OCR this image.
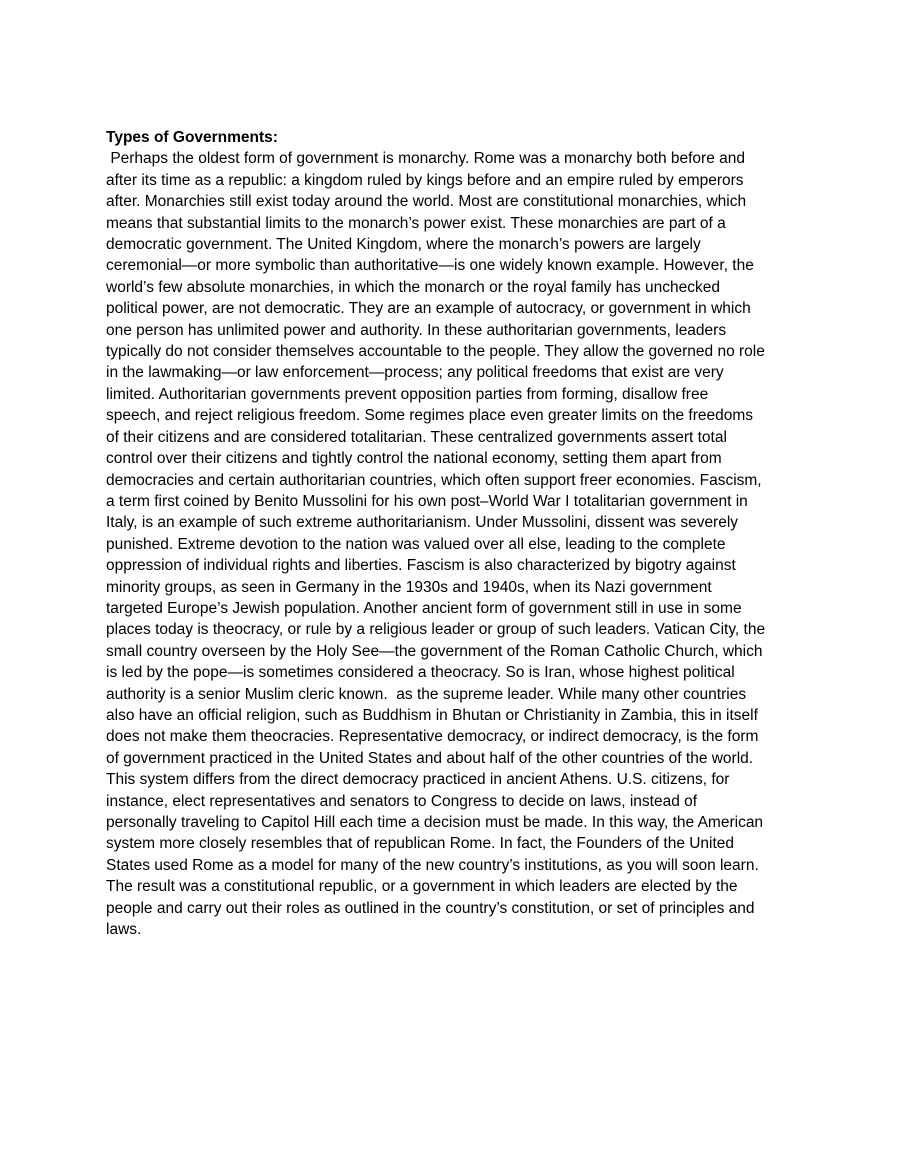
Types of Governments:

Perhaps the oldest form of government is monarchy. Rome was a monarchy both before and
after its time as a republic: a kingdom ruled by kings before and an empire ruled by emperors
after. Monarchies still exist today around the world. Most are constitutional monarchies, which
means that substantial limits to the monarch’s power exist. These monarchies are part of a
democratic government. The United Kingdom, where the monarch’s powers are largely
ceremonial—or more symbolic than authoritative—is one widely known example. However, the
world’s few absolute monarchies, in which the monarch or the royal family has unchecked
political power, are not democratic. They are an example of autocracy, or government in which
one person has unlimited power and authority. In these authoritarian governments, leaders
typically do not consider themselves accountable to the people. They allow the governed no role
in the lawmaking—or law enforcement—process; any political freedoms that exist are very
limited. Authoritarian governments prevent opposition parties from forming, disallow free
speech, and reject religious freedom. Some regimes place even greater limits on the freedoms
of their citizens and are considered totalitarian. These centralized governments assert total
control over their citizens and tightly control the national economy, setting them apart from
democracies and certain authoritarian countries, which often support freer economies. Fascism,
a term first coined by Benito Mussolini for his own post–World War I totalitarian government in
Italy, is an example of such extreme authoritarianism. Under Mussolini, dissent was severely
punished. Extreme devotion to the nation was valued over all else, leading to the complete
oppression of individual rights and liberties. Fascism is also characterized by bigotry against
minority groups, as seen in Germany in the 1930s and 1940s, when its Nazi government
targeted Europe’s Jewish population. Another ancient form of government still in use in some
places today is theocracy, or rule by a religious leader or group of such leaders. Vatican City, the
small country overseen by the Holy See—the government of the Roman Catholic Church, which
is led by the pope—is sometimes considered a theocracy. So is Iran, whose highest political
authority is a senior Muslim cleric known.  as the supreme leader. While many other countries
also have an official religion, such as Buddhism in Bhutan or Christianity in Zambia, this in itself
does not make them theocracies. Representative democracy, or indirect democracy, is the form
of government practiced in the United States and about half of the other countries of the world.
This system differs from the direct democracy practiced in ancient Athens. U.S. citizens, for
instance, elect representatives and senators to Congress to decide on laws, instead of
personally traveling to Capitol Hill each time a decision must be made. In this way, the American
system more closely resembles that of republican Rome. In fact, the Founders of the United
States used Rome as a model for many of the new country’s institutions, as you will soon learn.
The result was a constitutional republic, or a government in which leaders are elected by the
people and carry out their roles as outlined in the country’s constitution, or set of principles and
laws.
